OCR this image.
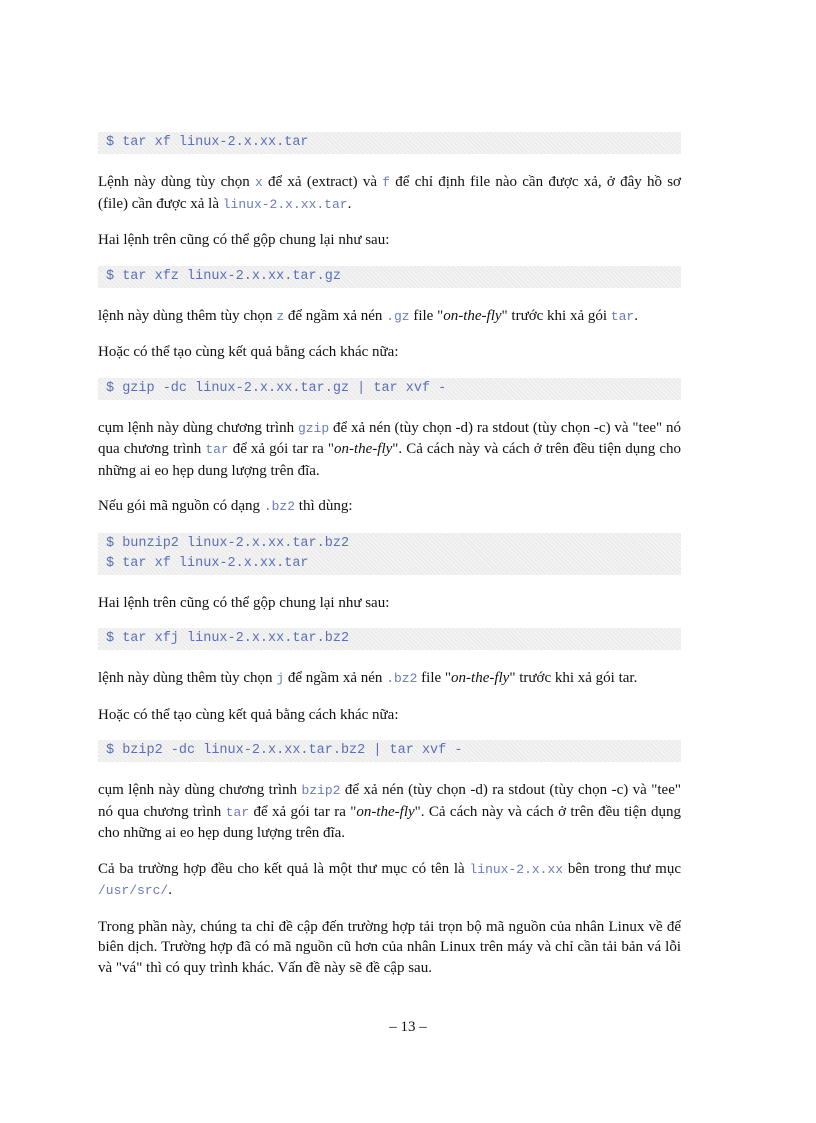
$ tar xf linux-2.x.xx.tar

Lệnh này dùng tùy chọn x để xả (extract) và f để chỉ định file nào cần được xả, ở đây hồ sơ (file) cần được xả là linux-2.x.xx.tar.

Hai lệnh trên cũng có thể gộp chung lại như sau:

$ tar xfz linux-2.x.xx.tar.gz

lệnh này dùng thêm tùy chọn z để ngầm xả nén .gz file "on-the-fly" trước khi xả gói tar.

Hoặc có thể tạo cùng kết quả bằng cách khác nữa:

$ gzip -dc linux-2.x.xx.tar.gz | tar xvf -

cụm lệnh này dùng chương trình gzip để xả nén (tùy chọn -d) ra stdout (tùy chọn -c) và "tee" nó qua chương trình tar để xả gói tar ra "on-the-fly". Cả cách này và cách ở trên đều tiện dụng cho những ai eo hẹp dung lượng trên đĩa.

Nếu gói mã nguồn có dạng .bz2 thì dùng:

$ bunzip2 linux-2.x.xx.tar.bz2
$ tar xf linux-2.x.xx.tar

Hai lệnh trên cũng có thể gộp chung lại như sau:

$ tar xfj linux-2.x.xx.tar.bz2

lệnh này dùng thêm tùy chọn j để ngầm xả nén .bz2 file "on-the-fly" trước khi xả gói tar.

Hoặc có thể tạo cùng kết quả bằng cách khác nữa:

$ bzip2 -dc linux-2.x.xx.tar.bz2 | tar xvf -

cụm lệnh này dùng chương trình bzip2 để xả nén (tùy chọn -d) ra stdout (tùy chọn -c) và "tee" nó qua chương trình tar để xả gói tar ra "on-the-fly". Cả cách này và cách ở trên đều tiện dụng cho những ai eo hẹp dung lượng trên đĩa.

Cả ba trường hợp đều cho kết quả là một thư mục có tên là linux-2.x.xx bên trong thư mục /usr/src/.

Trong phần này, chúng ta chỉ đề cập đến trường hợp tải trọn bộ mã nguồn của nhân Linux về để biên dịch. Trường hợp đã có mã nguồn cũ hơn của nhân Linux trên máy và chỉ cần tải bản vá lỗi và "vá" thì có quy trình khác. Vấn đề này sẽ đề cập sau.

– 13 –
